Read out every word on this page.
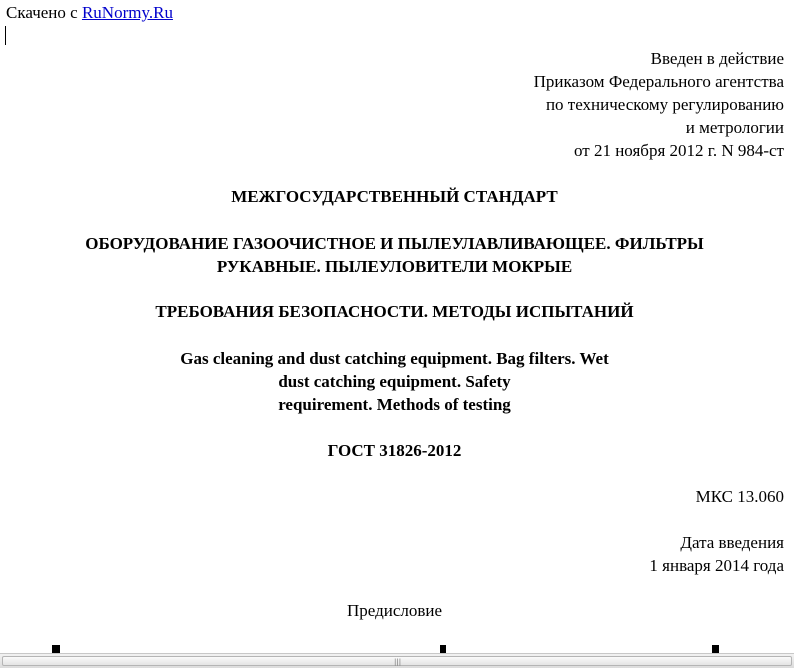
Скачено с RuNormy.Ru
Введен в действие
Приказом Федерального агентства
по техническому регулированию
и метрологии
от 21 ноября 2012 г. N 984-ст
МЕЖГОСУДАРСТВЕННЫЙ СТАНДАРТ
ОБОРУДОВАНИЕ ГАЗООЧИСТНОЕ И ПЫЛЕУЛАВЛИВАЮЩЕЕ. ФИЛЬТРЫ
РУКАВНЫЕ. ПЫЛЕУЛОВИТЕЛИ МОКРЫЕ
ТРЕБОВАНИЯ БЕЗОПАСНОСТИ. МЕТОДЫ ИСПЫТАНИЙ
Gas cleaning and dust catching equipment. Bag filters. Wet
dust catching equipment. Safety
requirement. Methods of testing
ГОСТ 31826-2012
МКС 13.060
Дата введения
1 января 2014 года
Предисловие
|||
